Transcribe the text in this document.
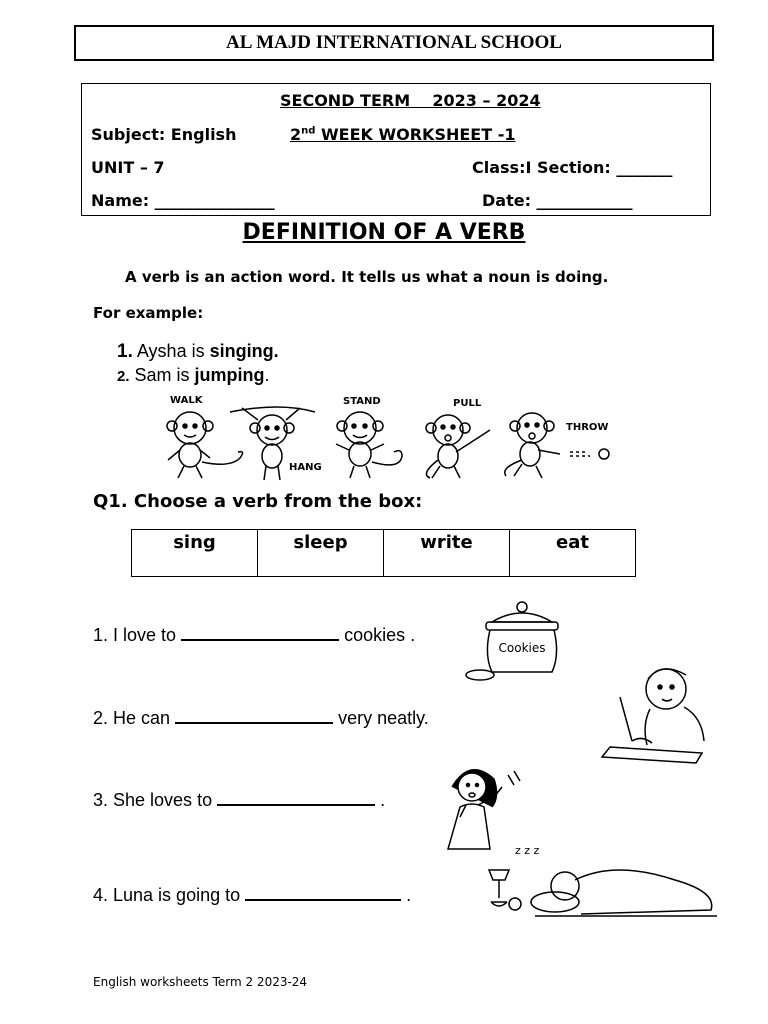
AL MAJD INTERNATIONAL SCHOOL
SECOND TERM 2023 – 2024
Subject: English	2nd WEEK WORKSHEET -1
UNIT – 7	Class:I Section: _______
Name: _______________	Date: ____________
DEFINITION OF A VERB
A verb is an action word. It tells us what a noun is doing.
For example:
1. Aysha is singing.
2. Sam is jumping.
WALK
HANG
STAND	PULL
THROW
Q1. Choose a verb from the box:
sing	sleep	write	eat
1. I love to	cookies .
2. He can	very neatly.
3. She loves to	.
4. Luna is going to	.
Cookies
z z z
English worksheets Term 2 2023-24
